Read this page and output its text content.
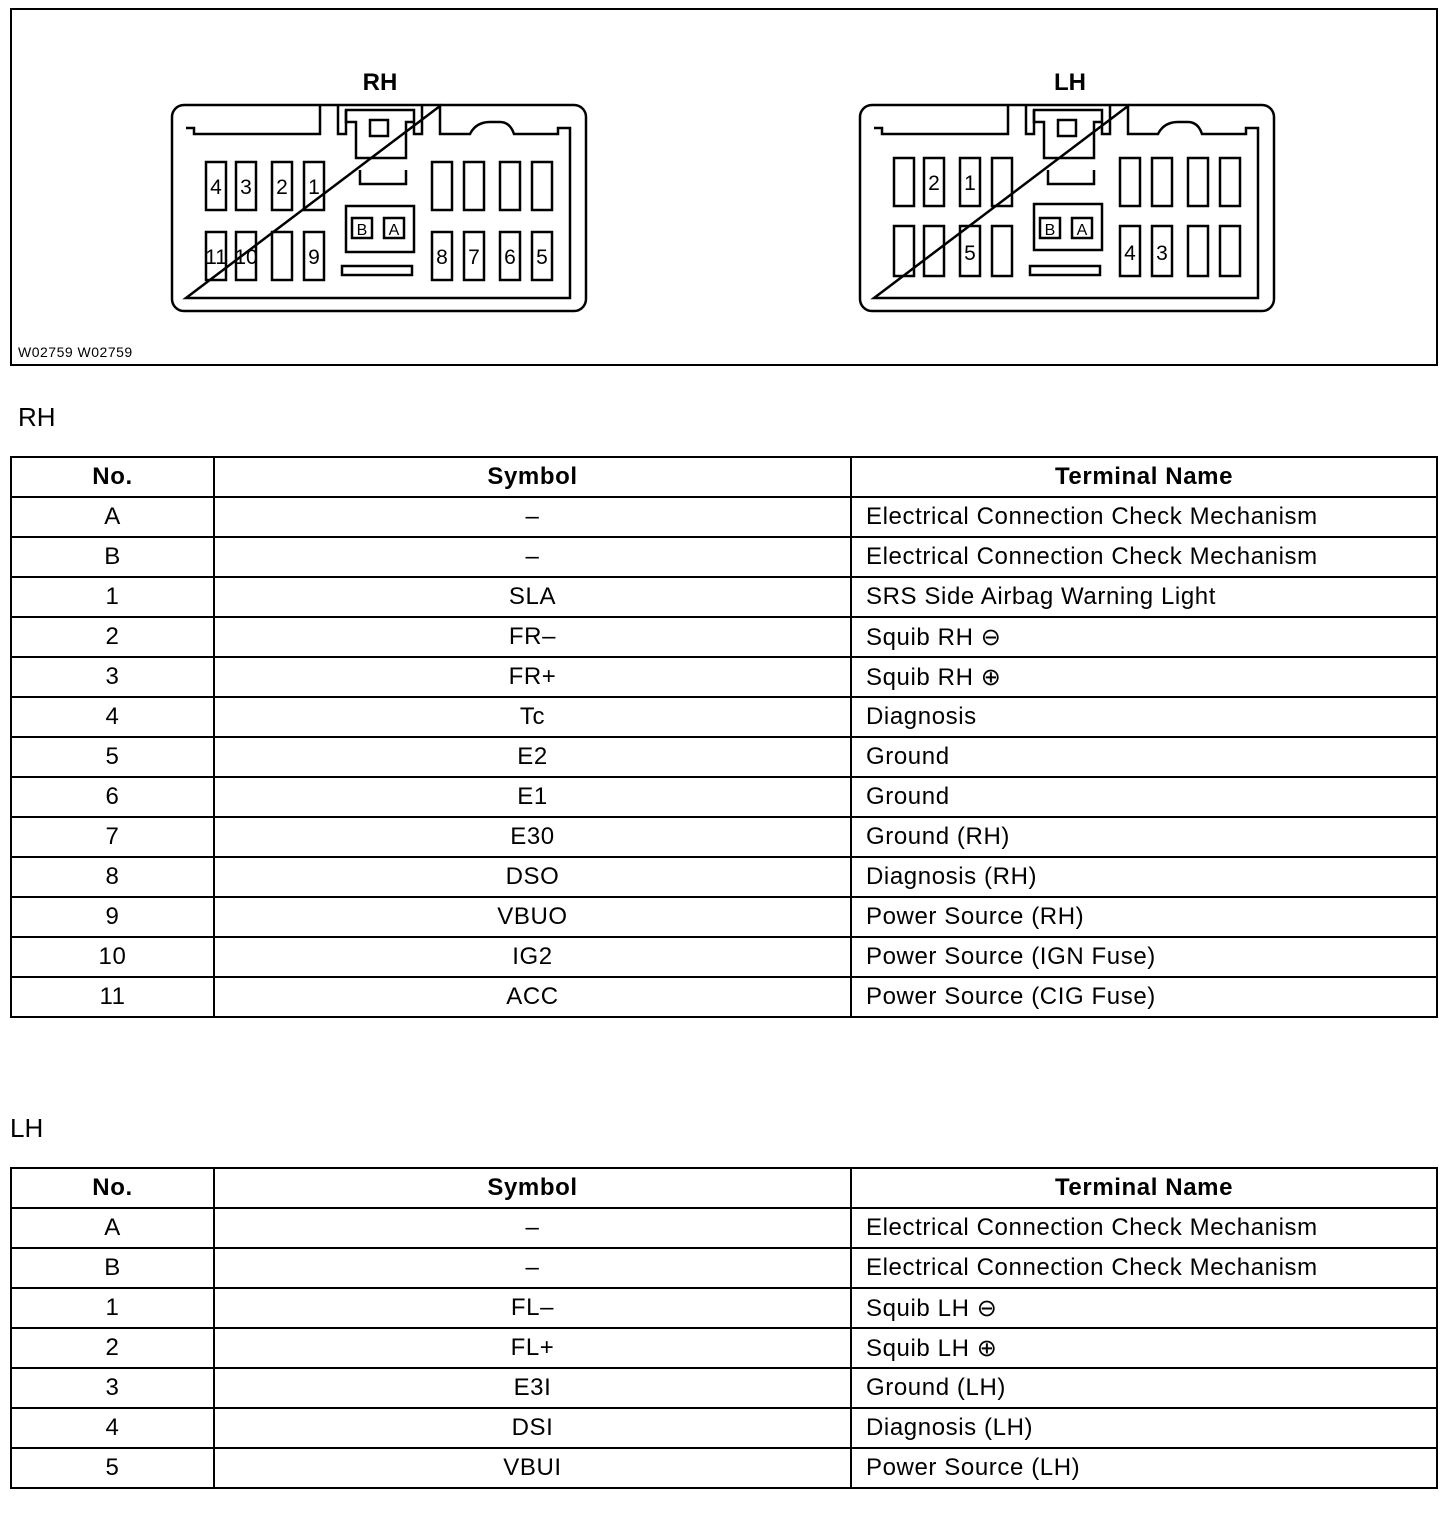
RH
4 3 2 1
11 10 9	8 7 6 5
B A
LH
2 1
5	4 3
B A
W02759 W02759
RH
No.	Symbol	Terminal Name
A	–	Electrical Connection Check Mechanism
B	–	Electrical Connection Check Mechanism
1	SLA	SRS Side Airbag Warning Light
2	FR–	Squib RH ⊖
3	FR+	Squib RH ⊕
4	Tc	Diagnosis
5	E2	Ground
6	E1	Ground
7	E30	Ground (RH)
8	DSO	Diagnosis (RH)
9	VBUO	Power Source (RH)
10	IG2	Power Source (IGN Fuse)
11	ACC	Power Source (CIG Fuse)
LH
No.	Symbol	Terminal Name
A	–	Electrical Connection Check Mechanism
B	–	Electrical Connection Check Mechanism
1	FL–	Squib LH ⊖
2	FL+	Squib LH ⊕
3	E3I	Ground (LH)
4	DSI	Diagnosis (LH)
5	VBUI	Power Source (LH)
